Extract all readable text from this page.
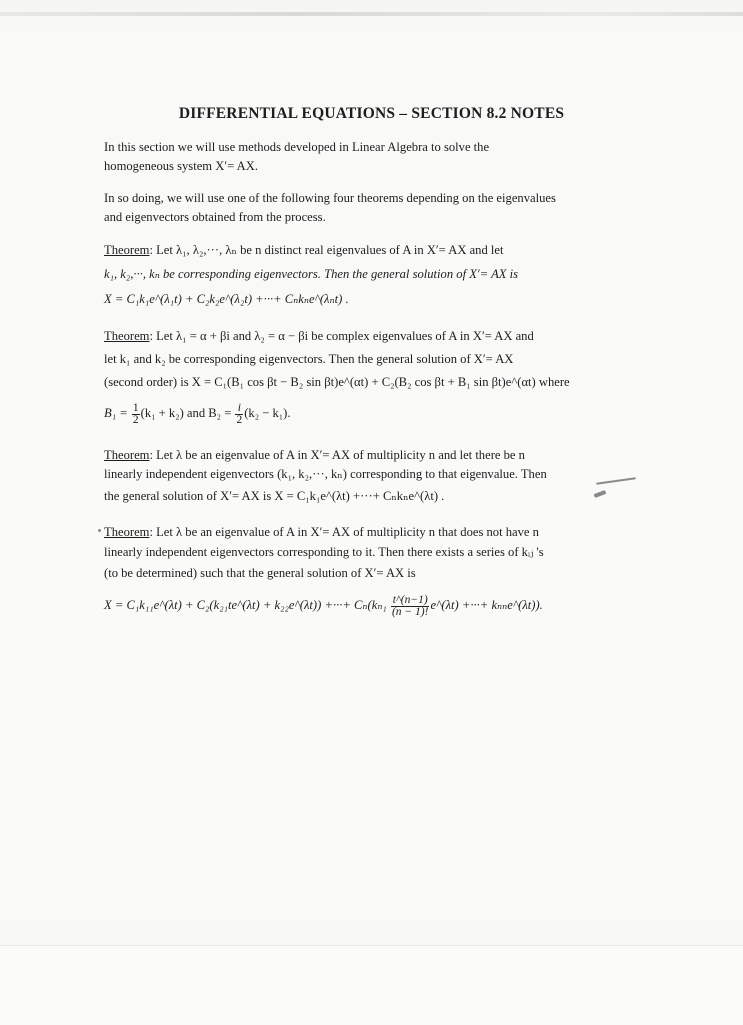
DIFFERENTIAL EQUATIONS – SECTION 8.2 NOTES
In this section we will use methods developed in Linear Algebra to solve the
homogeneous system X′= AX.
In so doing, we will use one of the following four theorems depending on the eigenvalues
and eigenvectors obtained from the process.
Theorem: Let λ₁, λ₂,···, λₙ be n distinct real eigenvalues of A in X′= AX and let
k₁, k₂,···, kₙ be corresponding eigenvectors. Then the general solution of X′= AX is
X = C₁k₁e^(λ₁t) + C₂k₂e^(λ₂t) +···+ Cₙkₙe^(λₙt) .
Theorem: Let λ₁ = α + βi and λ₂ = α − βi be complex eigenvalues of A in X′= AX and
let k₁ and k₂ be corresponding eigenvectors. Then the general solution of X′= AX
(second order) is X = C₁(B₁ cos βt − B₂ sin βt)e^(αt) + C₂(B₂ cos βt + B₁ sin βt)e^(αt) where
$B_1 = \frac{1}{2} (k_1 + k_2)$ and $B_2 = \frac{i}{2} (k_2 - k_1)$.
Theorem: Let λ be an eigenvalue of A in X′= AX of multiplicity n and let there be n
linearly independent eigenvectors (k₁, k₂,···, kₙ) corresponding to that eigenvalue. Then
the general solution of X′= AX is X = C₁k₁e^(λt) +···+ Cₙkₙe^(λt) .
Theorem: Let λ be an eigenvalue of A in X′= AX of multiplicity n that does not have n
linearly independent eigenvectors corresponding to it. Then there exists a series of kᵢⱼ 's
(to be determined) such that the general solution of X′= AX is
X = C₁k₁₁e^(λt) + C₂(k₂₁te^(λt) + k₂₂e^(λt)) +···+ $C_n(k_{n1} \frac{t\^{}(n-1)}{(n - 1)!}$ e^(λt) +···+ kₙₙe^(λt)).
